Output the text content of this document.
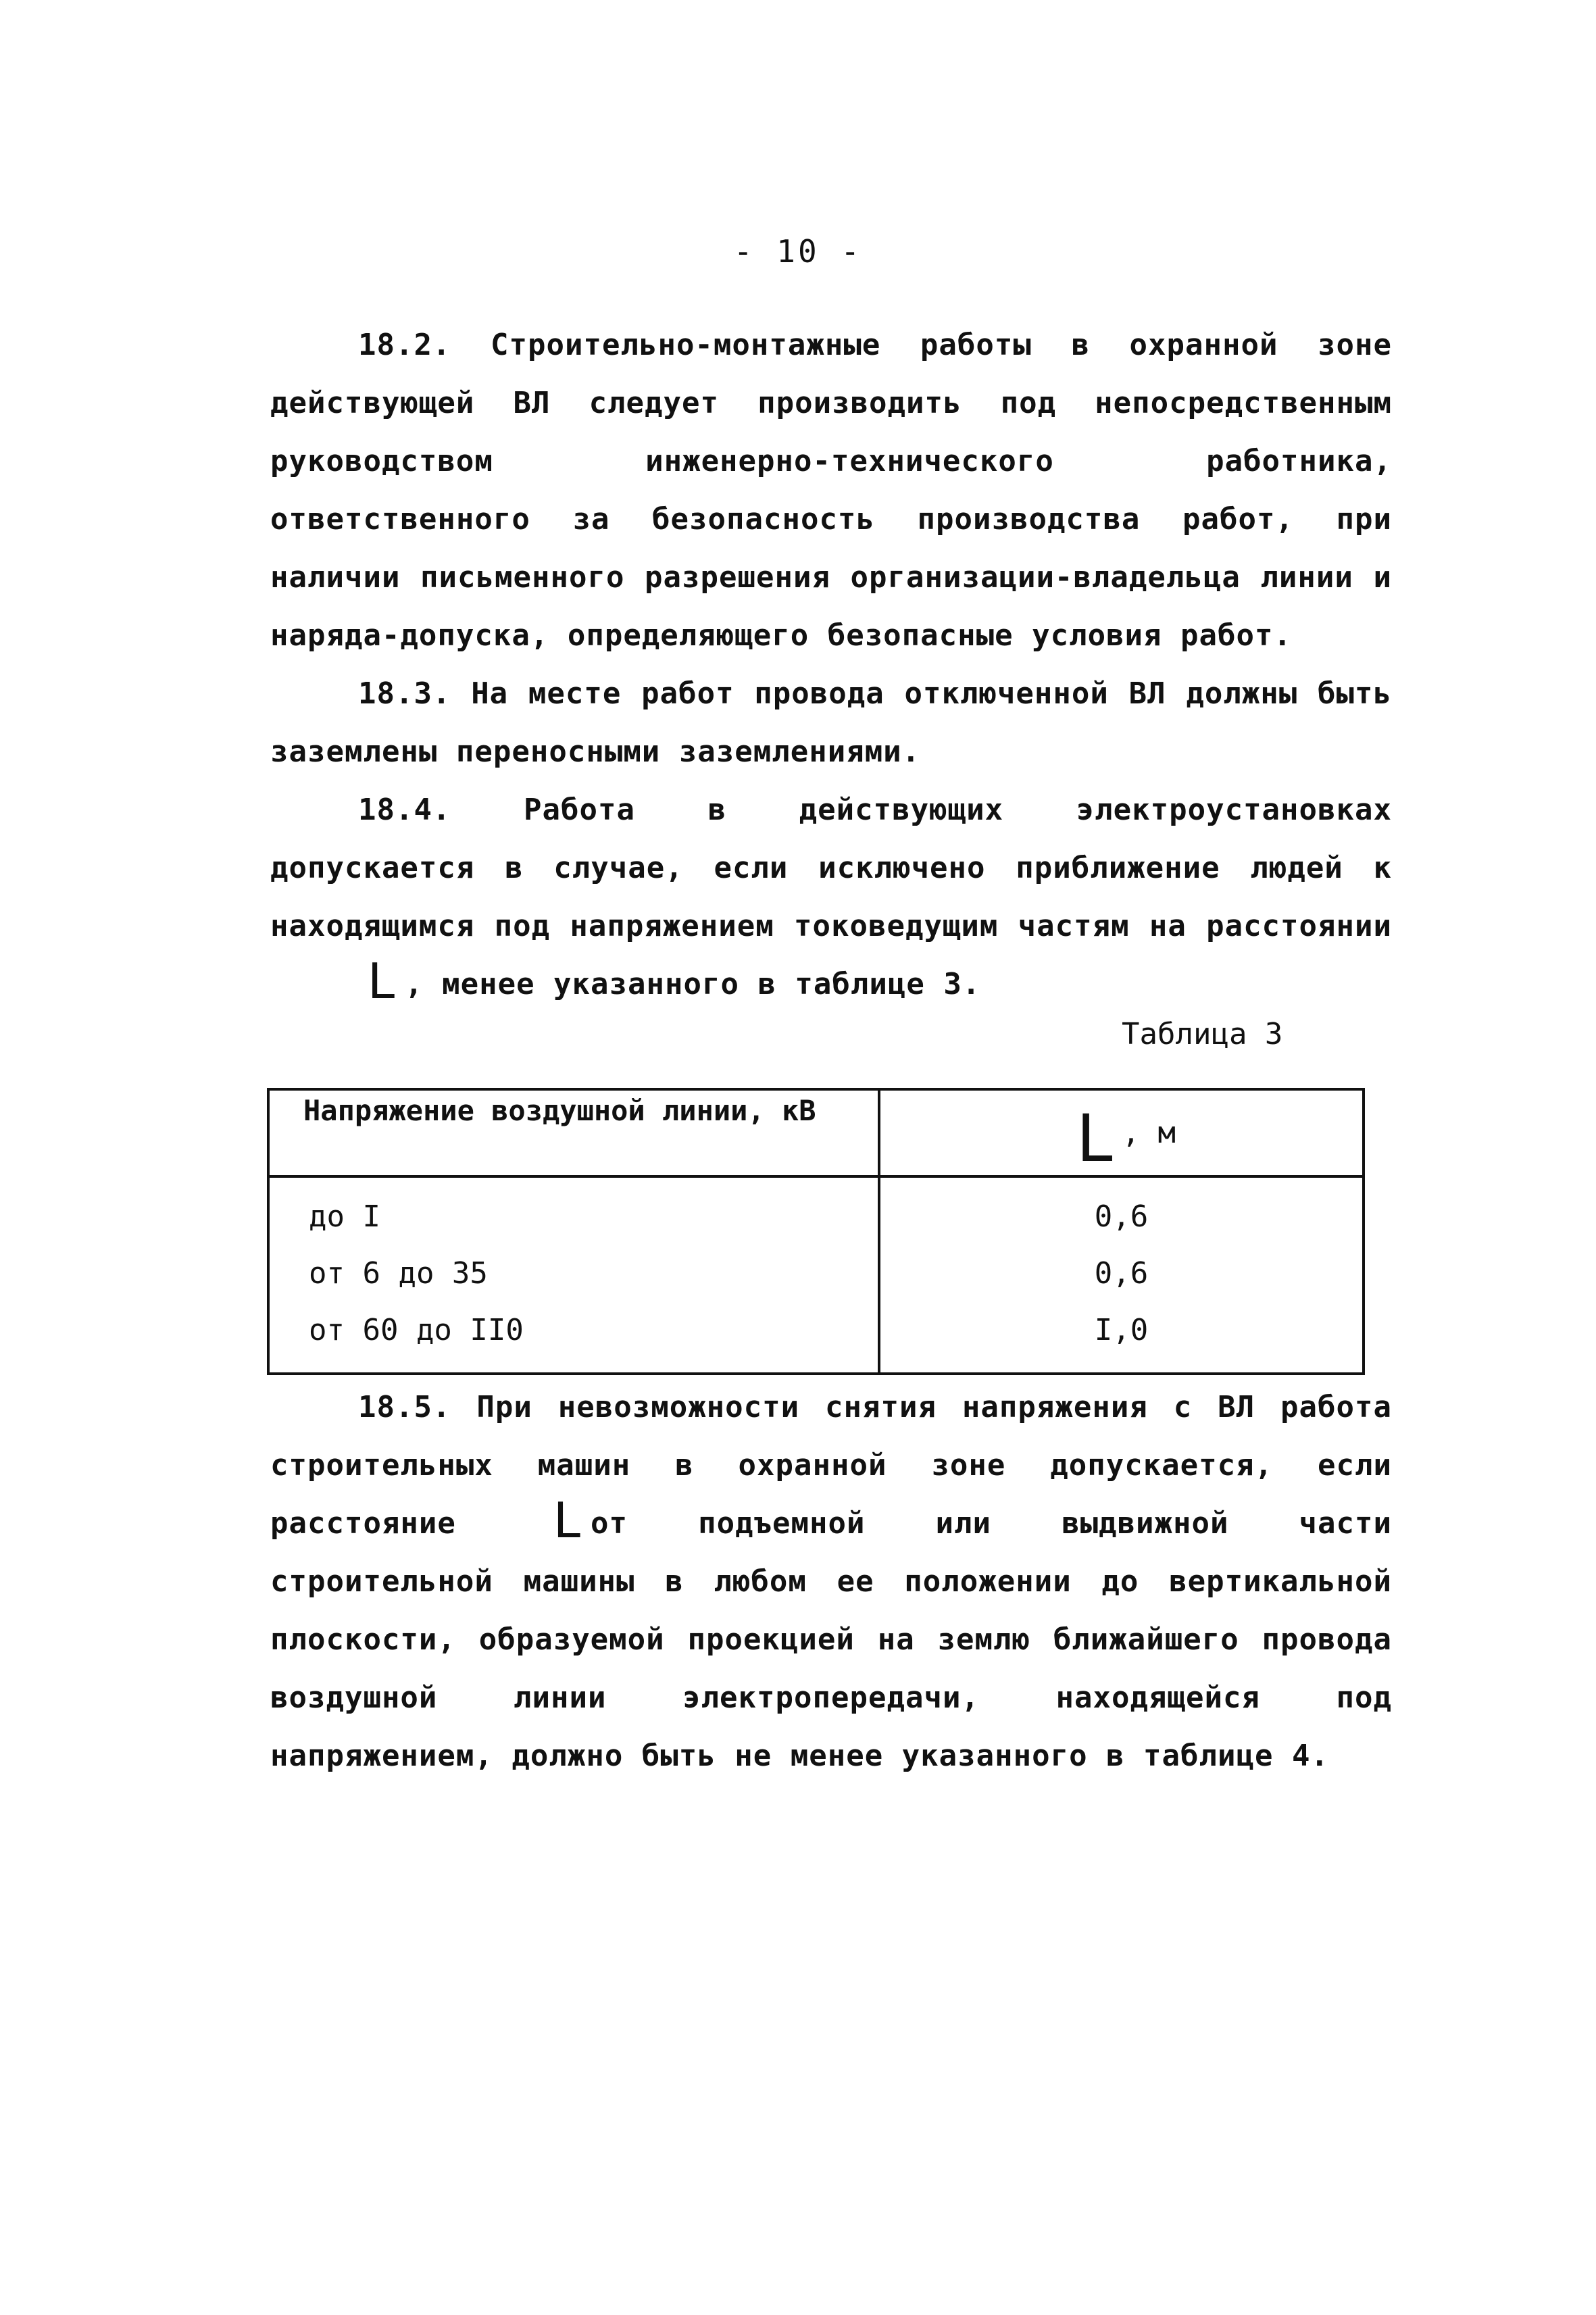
- 10 -

18.2. Строительно-монтажные работы в охранной зоне действующей ВЛ следует производить под непосредственным руководством инженерно-технического работника, ответственного за безопасность производства работ, при наличии письменного разрешения организации-владельца линии и наряда-допуска, определяющего безопасные условия работ.

18.3. На месте работ провода отключенной ВЛ должны быть заземлены переносными заземлениями.

18.4. Работа в действующих электроустановках допускается в случае, если исключено приближение людей к находящимся под напряжением токоведущим частям на расстоянииL , менее указанного в таблице 3.

Таблица 3
Напряжение воздушной линии, кВ	L , м
до I	0,6
от 6 до 35	0,6
от 60 до II0	I,0

18.5. При невозможности снятия напряжения с ВЛ работа строительных машин в охранной зоне допускается, если расстояние L от подъемной или выдвижной части строительной машины в любом ее положении до вертикальной плоскости, образуемой проекцией на землю ближайшего провода воздушной линии электропередачи, находящейся под напряжением, должно быть не менее указанного в таблице 4.
